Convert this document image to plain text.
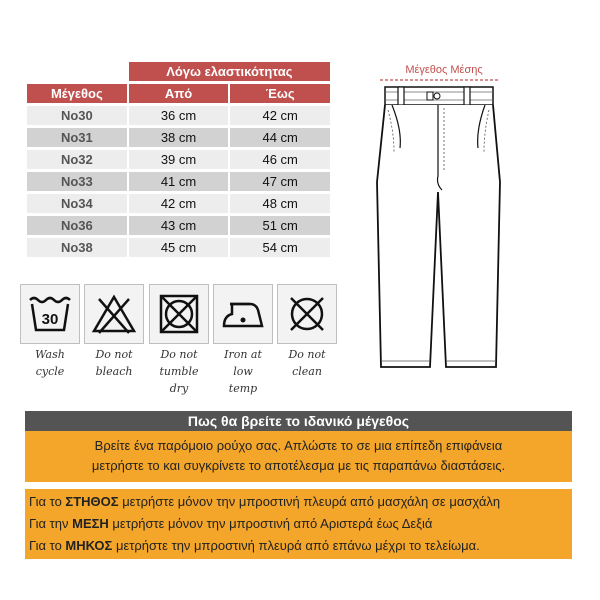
	Λόγω ελαστικότητας	
Μέγεθος	Από	Έως
No30	36 cm	42 cm
No31	38 cm	44 cm
No32	39 cm	46 cm
No33	41 cm	47 cm
No34	42 cm	48 cm
No36	43 cm	51 cm
No38	45 cm	54 cm
30
Wash
cycle
Do not
bleach
Do not
tumble
dry
Iron at
low
temp
Do not
clean
Μέγεθος Μέσης
Πως θα βρείτε το ιδανικό μέγεθος
Βρείτε ένα παρόμοιο ρούχο σας. Απλώστε το σε μια επίπεδη επιφάνεια
μετρήστε το και συγκρίνετε το αποτέλεσμα με τις παραπάνω διαστάσεις.
Για το ΣΤΗΘΟΣ μετρήστε μόνον την μπροστινή πλευρά από μασχάλη σε μασχάλη
Για την ΜΕΣΗ μετρήστε μόνον την μπροστινή από Αριστερά έως Δεξιά
Για το ΜΗΚΟΣ μετρήστε την μπροστινή πλευρά από επάνω μέχρι το τελείωμα.
